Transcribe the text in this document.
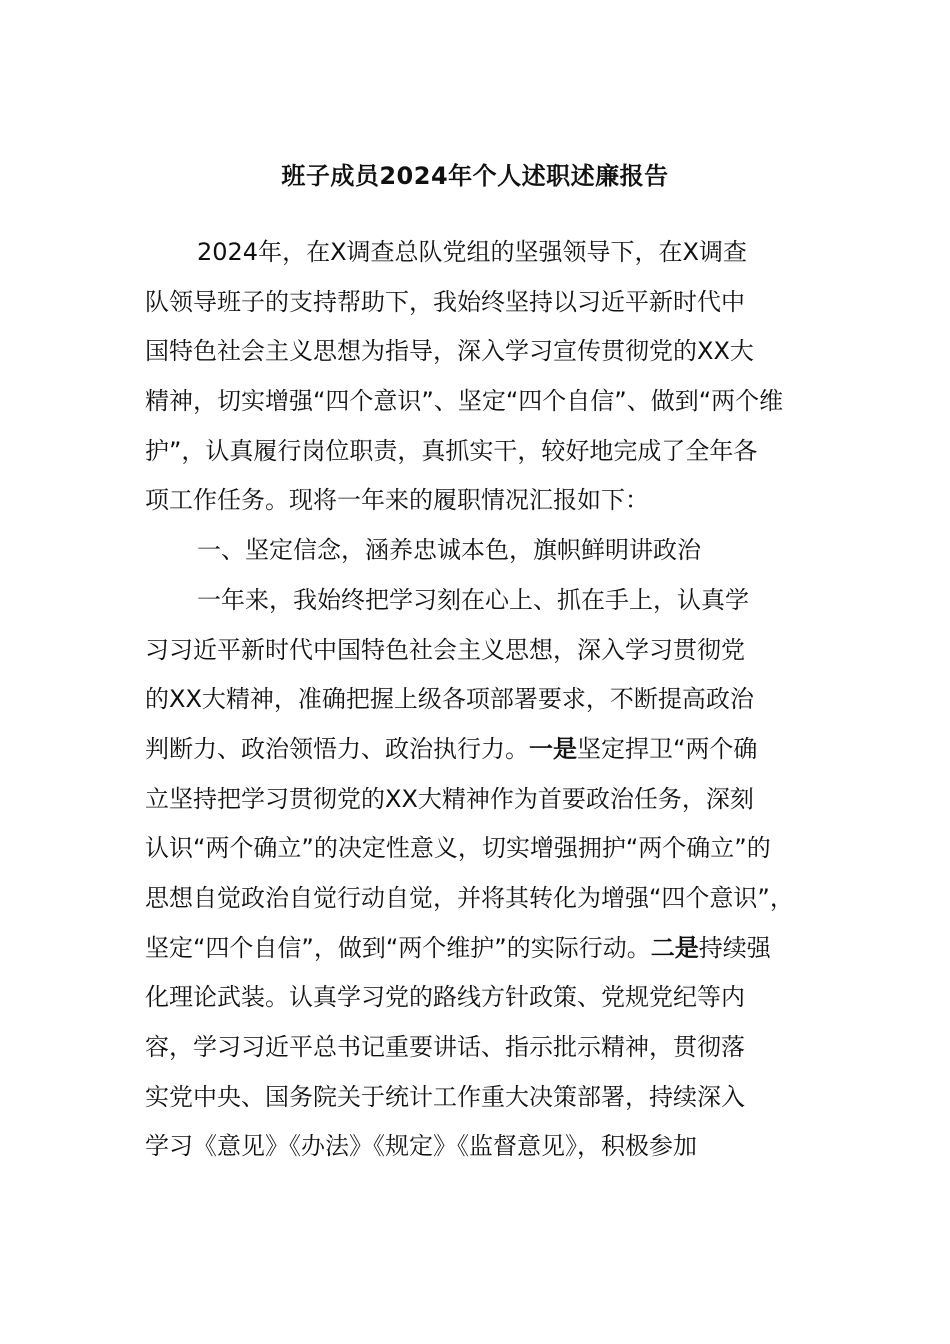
班子成员2024年个人述职述廉报告
2024年，在X调查总队党组的坚强领导下，在X调查
队领导班子的支持帮助下，我始终坚持以习近平新时代中
国特色社会主义思想为指导，深入学习宣传贯彻党的XX大
精神，切实增强“四个意识”、坚定“四个自信”、做到“两个维
护”，认真履行岗位职责，真抓实干，较好地完成了全年各
项工作任务。现将一年来的履职情况汇报如下：
一、坚定信念，涵养忠诚本色，旗帜鲜明讲政治
一年来，我始终把学习刻在心上、抓在手上，认真学
习习近平新时代中国特色社会主义思想，深入学习贯彻党
的XX大精神，准确把握上级各项部署要求，不断提高政治
判断力、政治领悟力、政治执行力。一是坚定捍卫“两个确
立坚持把学习贯彻党的XX大精神作为首要政治任务，深刻
认识“两个确立”的决定性意义，切实增强拥护“两个确立”的
思想自觉政治自觉行动自觉，并将其转化为增强“四个意识”，
坚定“四个自信”，做到“两个维护”的实际行动。二是持续强
化理论武装。认真学习党的路线方针政策、党规党纪等内
容，学习习近平总书记重要讲话、指示批示精神，贯彻落
实党中央、国务院关于统计工作重大决策部署，持续深入
学习《意见》《办法》《规定》《监督意见》，积极参加
